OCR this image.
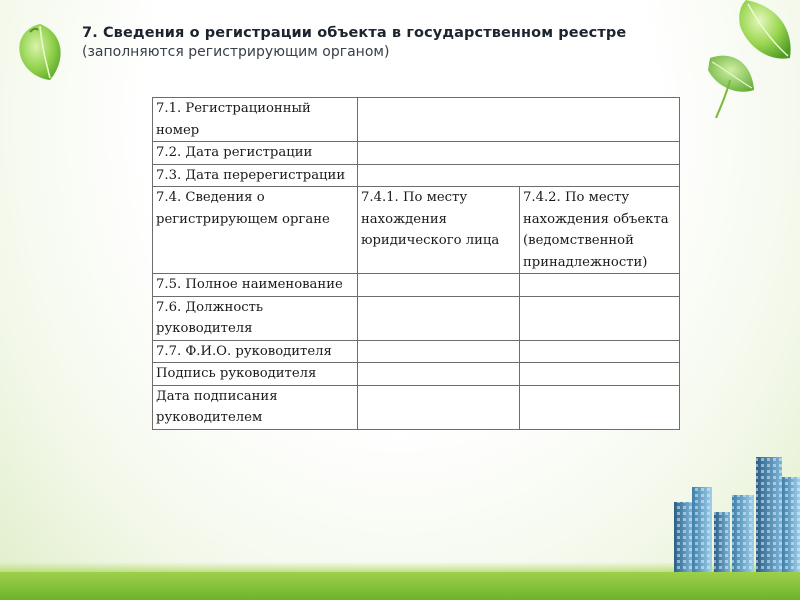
7. Сведения о регистрации объекта в государственном реестре
(заполняются регистрирующим органом)
7.1. Регистрационный номер		
7.2. Дата регистрации		
7.3. Дата перерегистрации		
7.4. Сведения о регистрирующем органе	7.4.1. По месту нахождения юридического лица	7.4.2. По месту нахождения объекта (ведомственной принадлежности)
7.5. Полное наименование		
7.6. Должность руководителя		
7.7. Ф.И.О. руководителя		
Подпись руководителя		
Дата подписания руководителем		
